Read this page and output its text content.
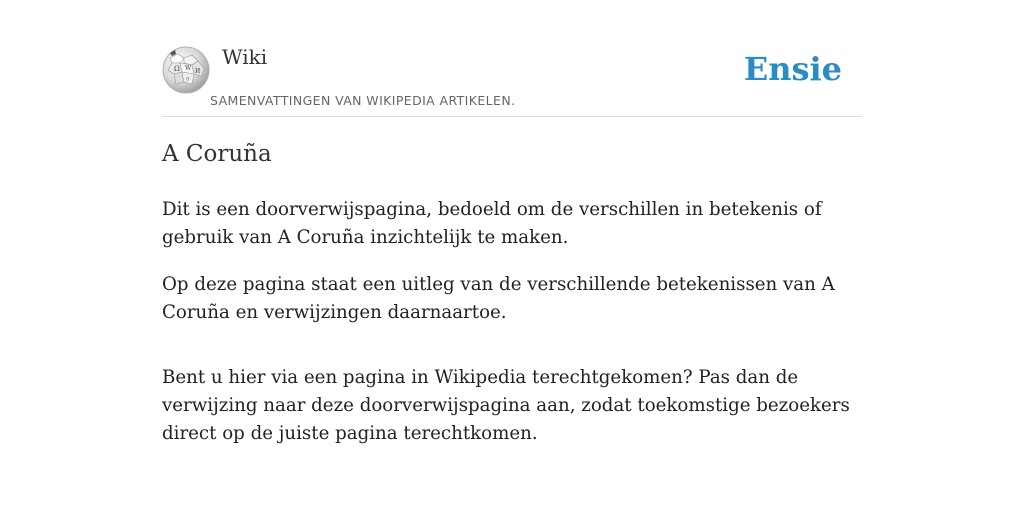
Ω W И
ウ
Wiki
SAMENVATTINGEN VAN WIKIPEDIA ARTIKELEN.
Ensie
A Coruña

Dit is een doorverwijspagina, bedoeld om de verschillen in betekenis of gebruik van A Coruña inzichtelijk te maken.

Op deze pagina staat een uitleg van de verschillende betekenissen van A Coruña en verwijzingen daarnaartoe.

Bent u hier via een pagina in Wikipedia terechtgekomen? Pas dan de verwijzing naar deze doorverwijspagina aan, zodat toekomstige bezoekers direct op de juiste pagina terechtkomen.
